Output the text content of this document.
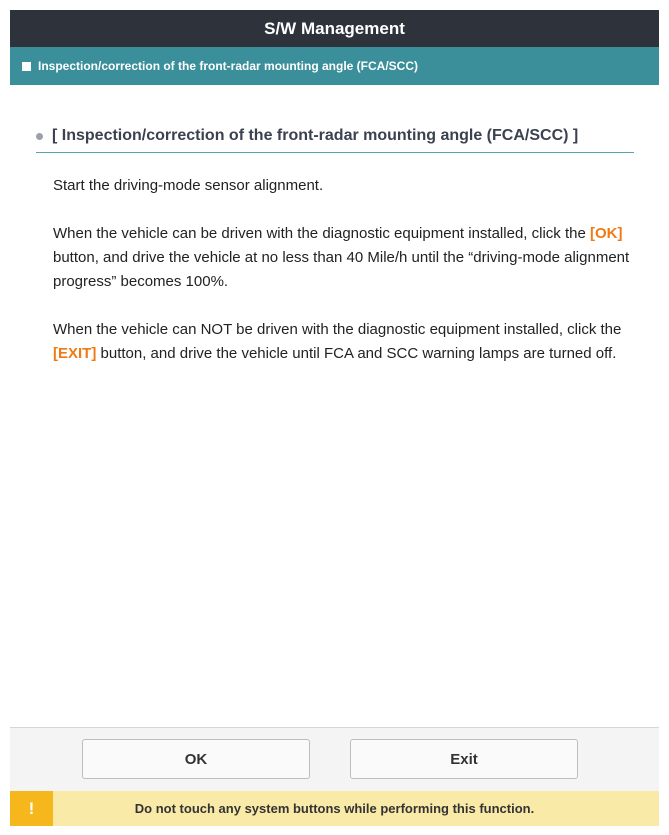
S/W Management
Inspection/correction of the front-radar mounting angle (FCA/SCC)
[ Inspection/correction of the front-radar mounting angle (FCA/SCC) ]

Start the driving-mode sensor alignment.

When the vehicle can be driven with the diagnostic equipment installed, click the [OK] button, and drive the vehicle at no less than 40 Mile/h until the “driving-mode alignment progress” becomes 100%.

When the vehicle can NOT be driven with the diagnostic equipment installed, click the [EXIT] button, and drive the vehicle until FCA and SCC warning lamps are turned off.

OK	Exit
!	Do not touch any system buttons while performing this function.
